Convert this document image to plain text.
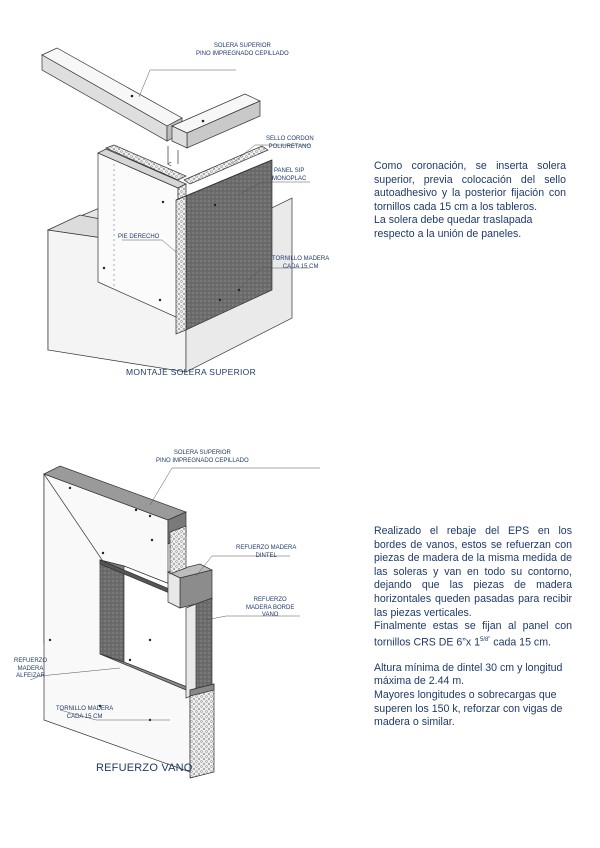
SOLERA SUPERIOR
PINO IMPREGNADO CEPILLADO
SELLO CORDON
POLIURETANO
PANEL SIP
MONOPLAC
PIE DERECHO
TORNILLO MADERA
CADA 15 CM
MONTAJE SOLERA SUPERIOR

Como coronación, se inserta solera superior, previa colocación del sello autoadhesivo y la posterior fijación con tornillos cada 15 cm a los tableros.

La solera debe quedar traslapada respecto a la unión de paneles.

SOLERA SUPERIOR
PINO IMPREGNADO CEPILLADO
REFUERZO MADERA
DINTEL
REFUERZO
MADERA BORDE
VANO
REFUERZO
MADERA
ALFEIZAR
TORNILLO MADERA
CADA 15 CM
REFUERZO VANO

Realizado el rebaje del EPS en los bordes de vanos, estos se refuerzan con piezas de madera de la misma medida de las soleras y van en todo su contorno, dejando que las piezas de madera horizontales queden pasadas para recibir las piezas verticales.

Finalmente estas se fijan al panel con tornillos CRS DE 6”x $1^{5/8”}$ cada 15 cm.

Altura mínima de dintel 30 cm y longitud máxima de 2.44 m.

Mayores longitudes o sobrecargas que superen los 150 k, reforzar con vigas de madera o similar.
